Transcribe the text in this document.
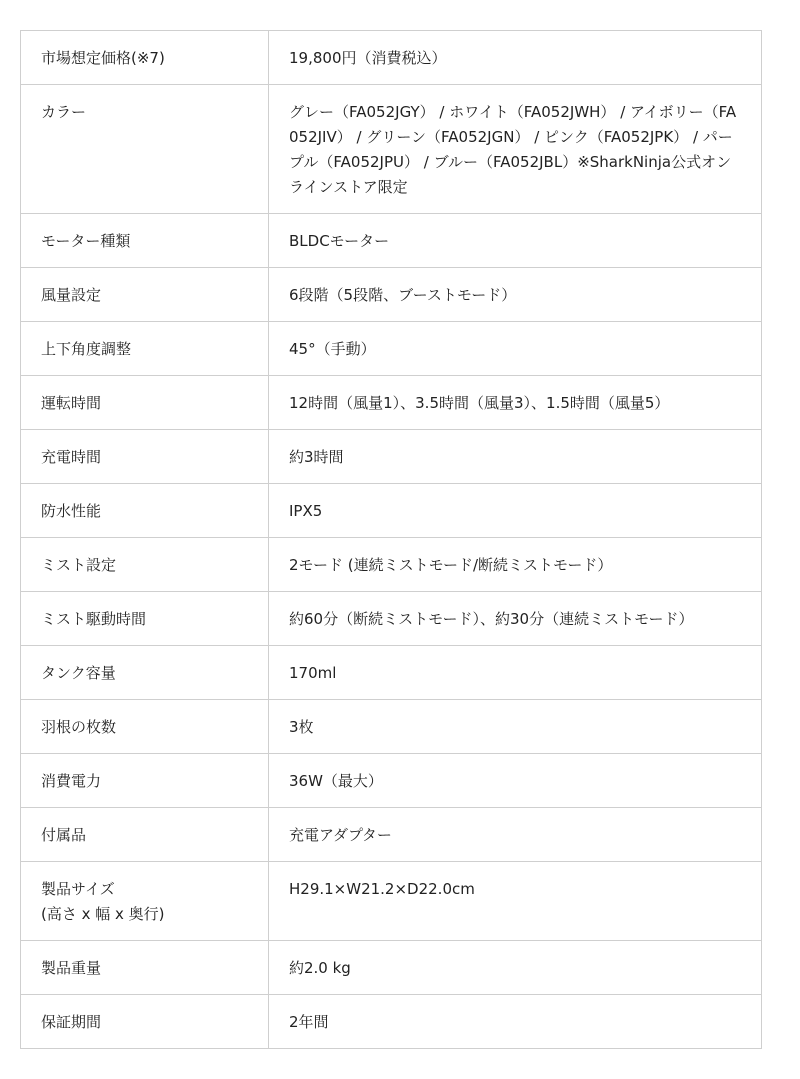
市場想定価格(※7)	19,800円（消費税込）
カラー	グレー（FA052JGY） / ホワイト（FA052JWH） / アイボリー（FA052JIV） / グリーン（FA052JGN） / ピンク（FA052JPK） / パープル（FA052JPU） / ブルー（FA052JBL）※SharkNinja公式オンラインストア限定
モーター種類	BLDCモーター
風量設定	6段階（5段階、ブーストモード）
上下角度調整	45°（手動）
運転時間	12時間（風量1）、3.5時間（風量3）、1.5時間（風量5）
充電時間	約3時間
防水性能	IPX5
ミスト設定	2モード (連続ミストモード/断続ミストモード）
ミスト駆動時間	約60分（断続ミストモード）、約30分（連続ミストモード）
タンク容量	170ml
羽根の枚数	3枚
消費電力	36W（最大）
付属品	充電アダプター

製品サイズ
(高さ x 幅 x 奥行)	H29.1×W21.2×D22.0cm
製品重量	約2.0 kg
保証期間	2年間
